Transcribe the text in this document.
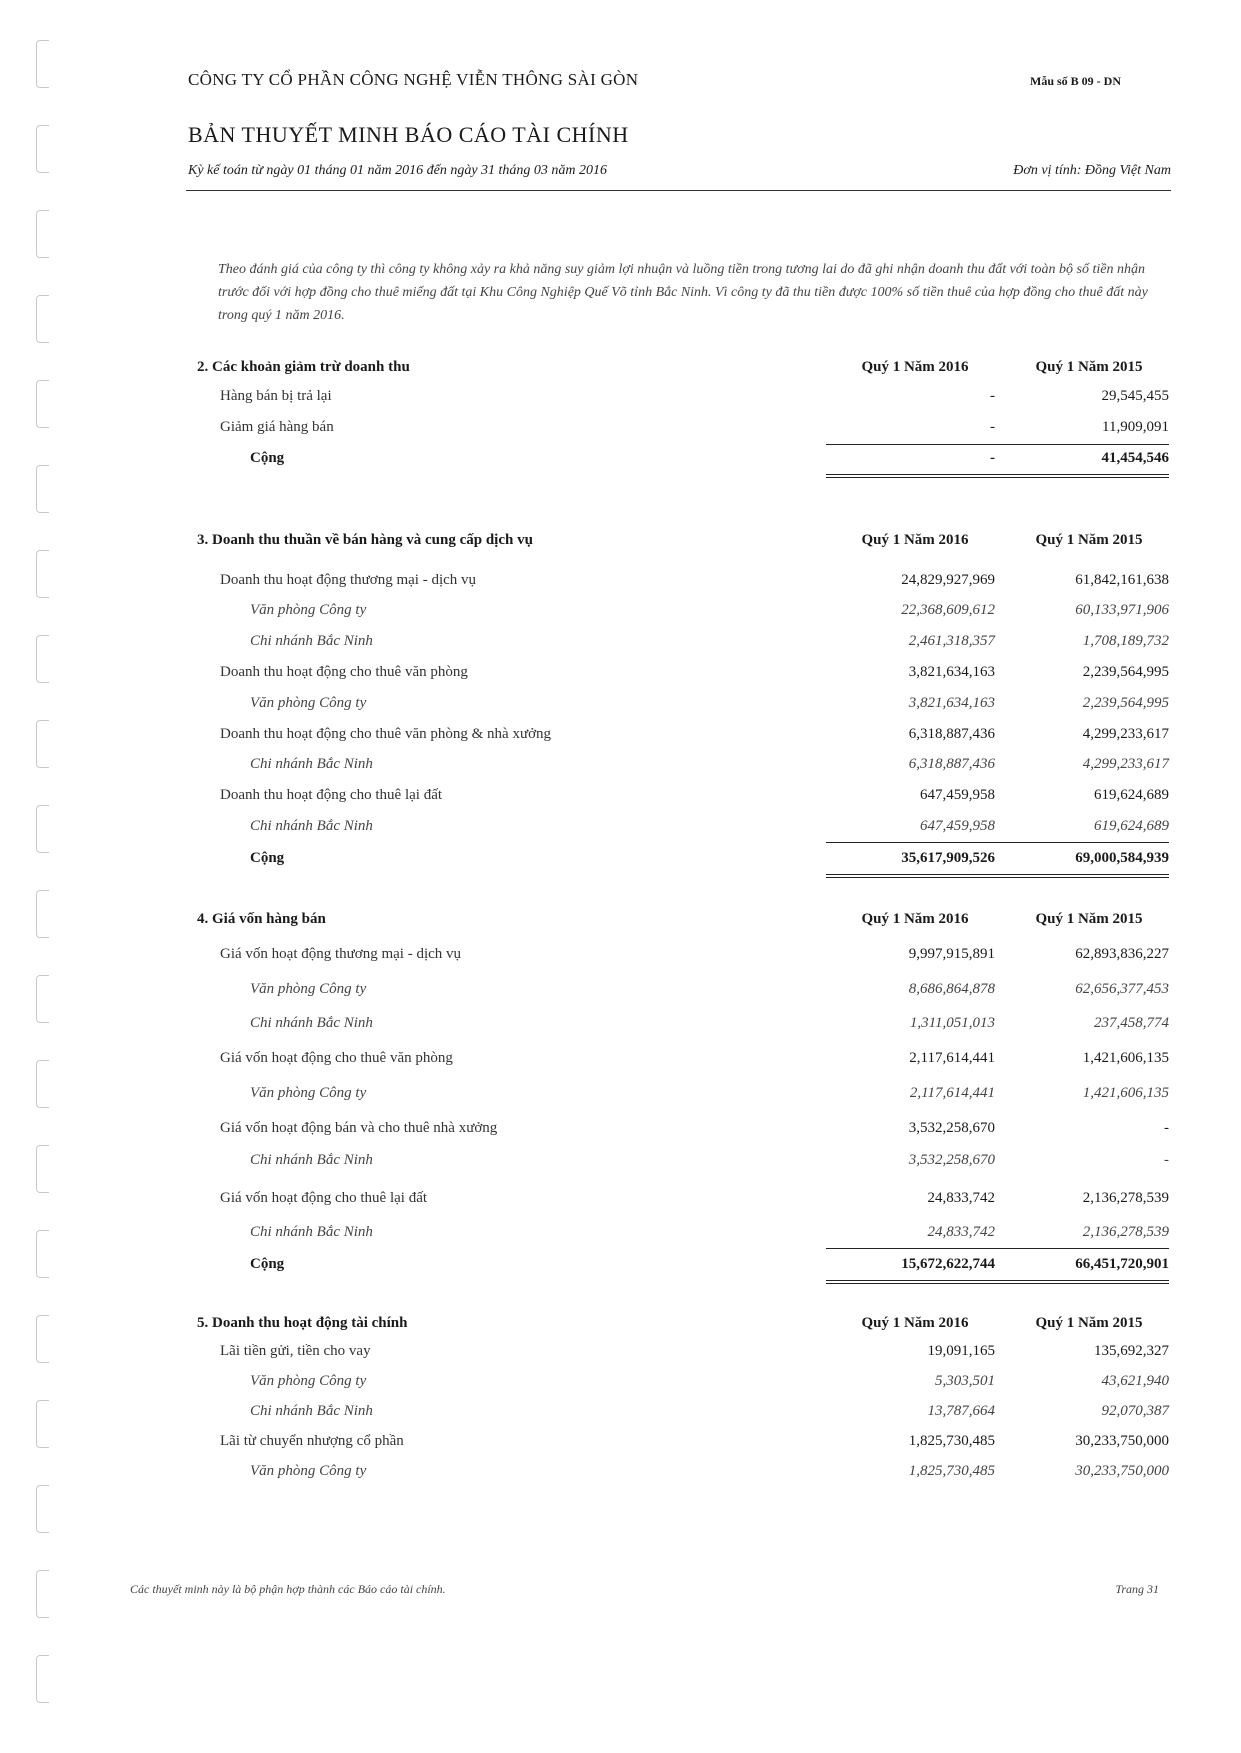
CÔNG TY CỔ PHẦN CÔNG NGHỆ VIỄN THÔNG SÀI GÒN	Mẫu số B 09 - DN
BẢN THUYẾT MINH BÁO CÁO TÀI CHÍNH
Kỳ kế toán từ ngày 01 tháng 01 năm 2016 đến ngày 31 tháng 03 năm 2016	Đơn vị tính: Đồng Việt Nam
Theo đánh giá của công ty thì công ty không xảy ra khả năng suy giảm lợi nhuận và luồng tiền trong tương lai do đã ghi nhận doanh thu đất với toàn bộ số tiền nhận trước đối với hợp đồng cho thuê miếng đất tại Khu Công Nghiệp Quế Võ tỉnh Bắc Ninh. Vì công ty đã thu tiền được 100% số tiền thuê của hợp đồng cho thuê đất này trong quý 1 năm 2016.
2. Các khoản giảm trừ doanh thu	Quý 1 Năm 2016	Quý 1 Năm 2015
Hàng bán bị trả lại	-	29,545,455
Giảm giá hàng bán	-	11,909,091
Cộng	-	41,454,546
3. Doanh thu thuần về bán hàng và cung cấp dịch vụ	Quý 1 Năm 2016	Quý 1 Năm 2015
Doanh thu hoạt động thương mại - dịch vụ	24,829,927,969	61,842,161,638
Văn phòng Công ty	22,368,609,612	60,133,971,906
Chi nhánh Bắc Ninh	2,461,318,357	1,708,189,732
Doanh thu hoạt động cho thuê văn phòng	3,821,634,163	2,239,564,995
Văn phòng Công ty	3,821,634,163	2,239,564,995
Doanh thu hoạt động cho thuê văn phòng & nhà xưởng	6,318,887,436	4,299,233,617
Chi nhánh Bắc Ninh	6,318,887,436	4,299,233,617
Doanh thu hoạt động cho thuê lại đất	647,459,958	619,624,689
Chi nhánh Bắc Ninh	647,459,958	619,624,689
Cộng	35,617,909,526	69,000,584,939
4. Giá vốn hàng bán	Quý 1 Năm 2016	Quý 1 Năm 2015
Giá vốn hoạt động thương mại - dịch vụ	9,997,915,891	62,893,836,227
Văn phòng Công ty	8,686,864,878	62,656,377,453
Chi nhánh Bắc Ninh	1,311,051,013	237,458,774
Giá vốn hoạt động cho thuê văn phòng	2,117,614,441	1,421,606,135
Văn phòng Công ty	2,117,614,441	1,421,606,135
Giá vốn hoạt động bán và cho thuê nhà xưởng	3,532,258,670	-
Chi nhánh Bắc Ninh	3,532,258,670	-
Giá vốn hoạt động cho thuê lại đất	24,833,742	2,136,278,539
Chi nhánh Bắc Ninh	24,833,742	2,136,278,539
Cộng	15,672,622,744	66,451,720,901
5. Doanh thu hoạt động tài chính	Quý 1 Năm 2016	Quý 1 Năm 2015
Lãi tiền gửi, tiền cho vay	19,091,165	135,692,327
Văn phòng Công ty	5,303,501	43,621,940
Chi nhánh Bắc Ninh	13,787,664	92,070,387
Lãi từ chuyển nhượng cổ phần	1,825,730,485	30,233,750,000
Văn phòng Công ty	1,825,730,485	30,233,750,000
Các thuyết minh này là bộ phận hợp thành các Báo cáo tài chính.	Trang 31
